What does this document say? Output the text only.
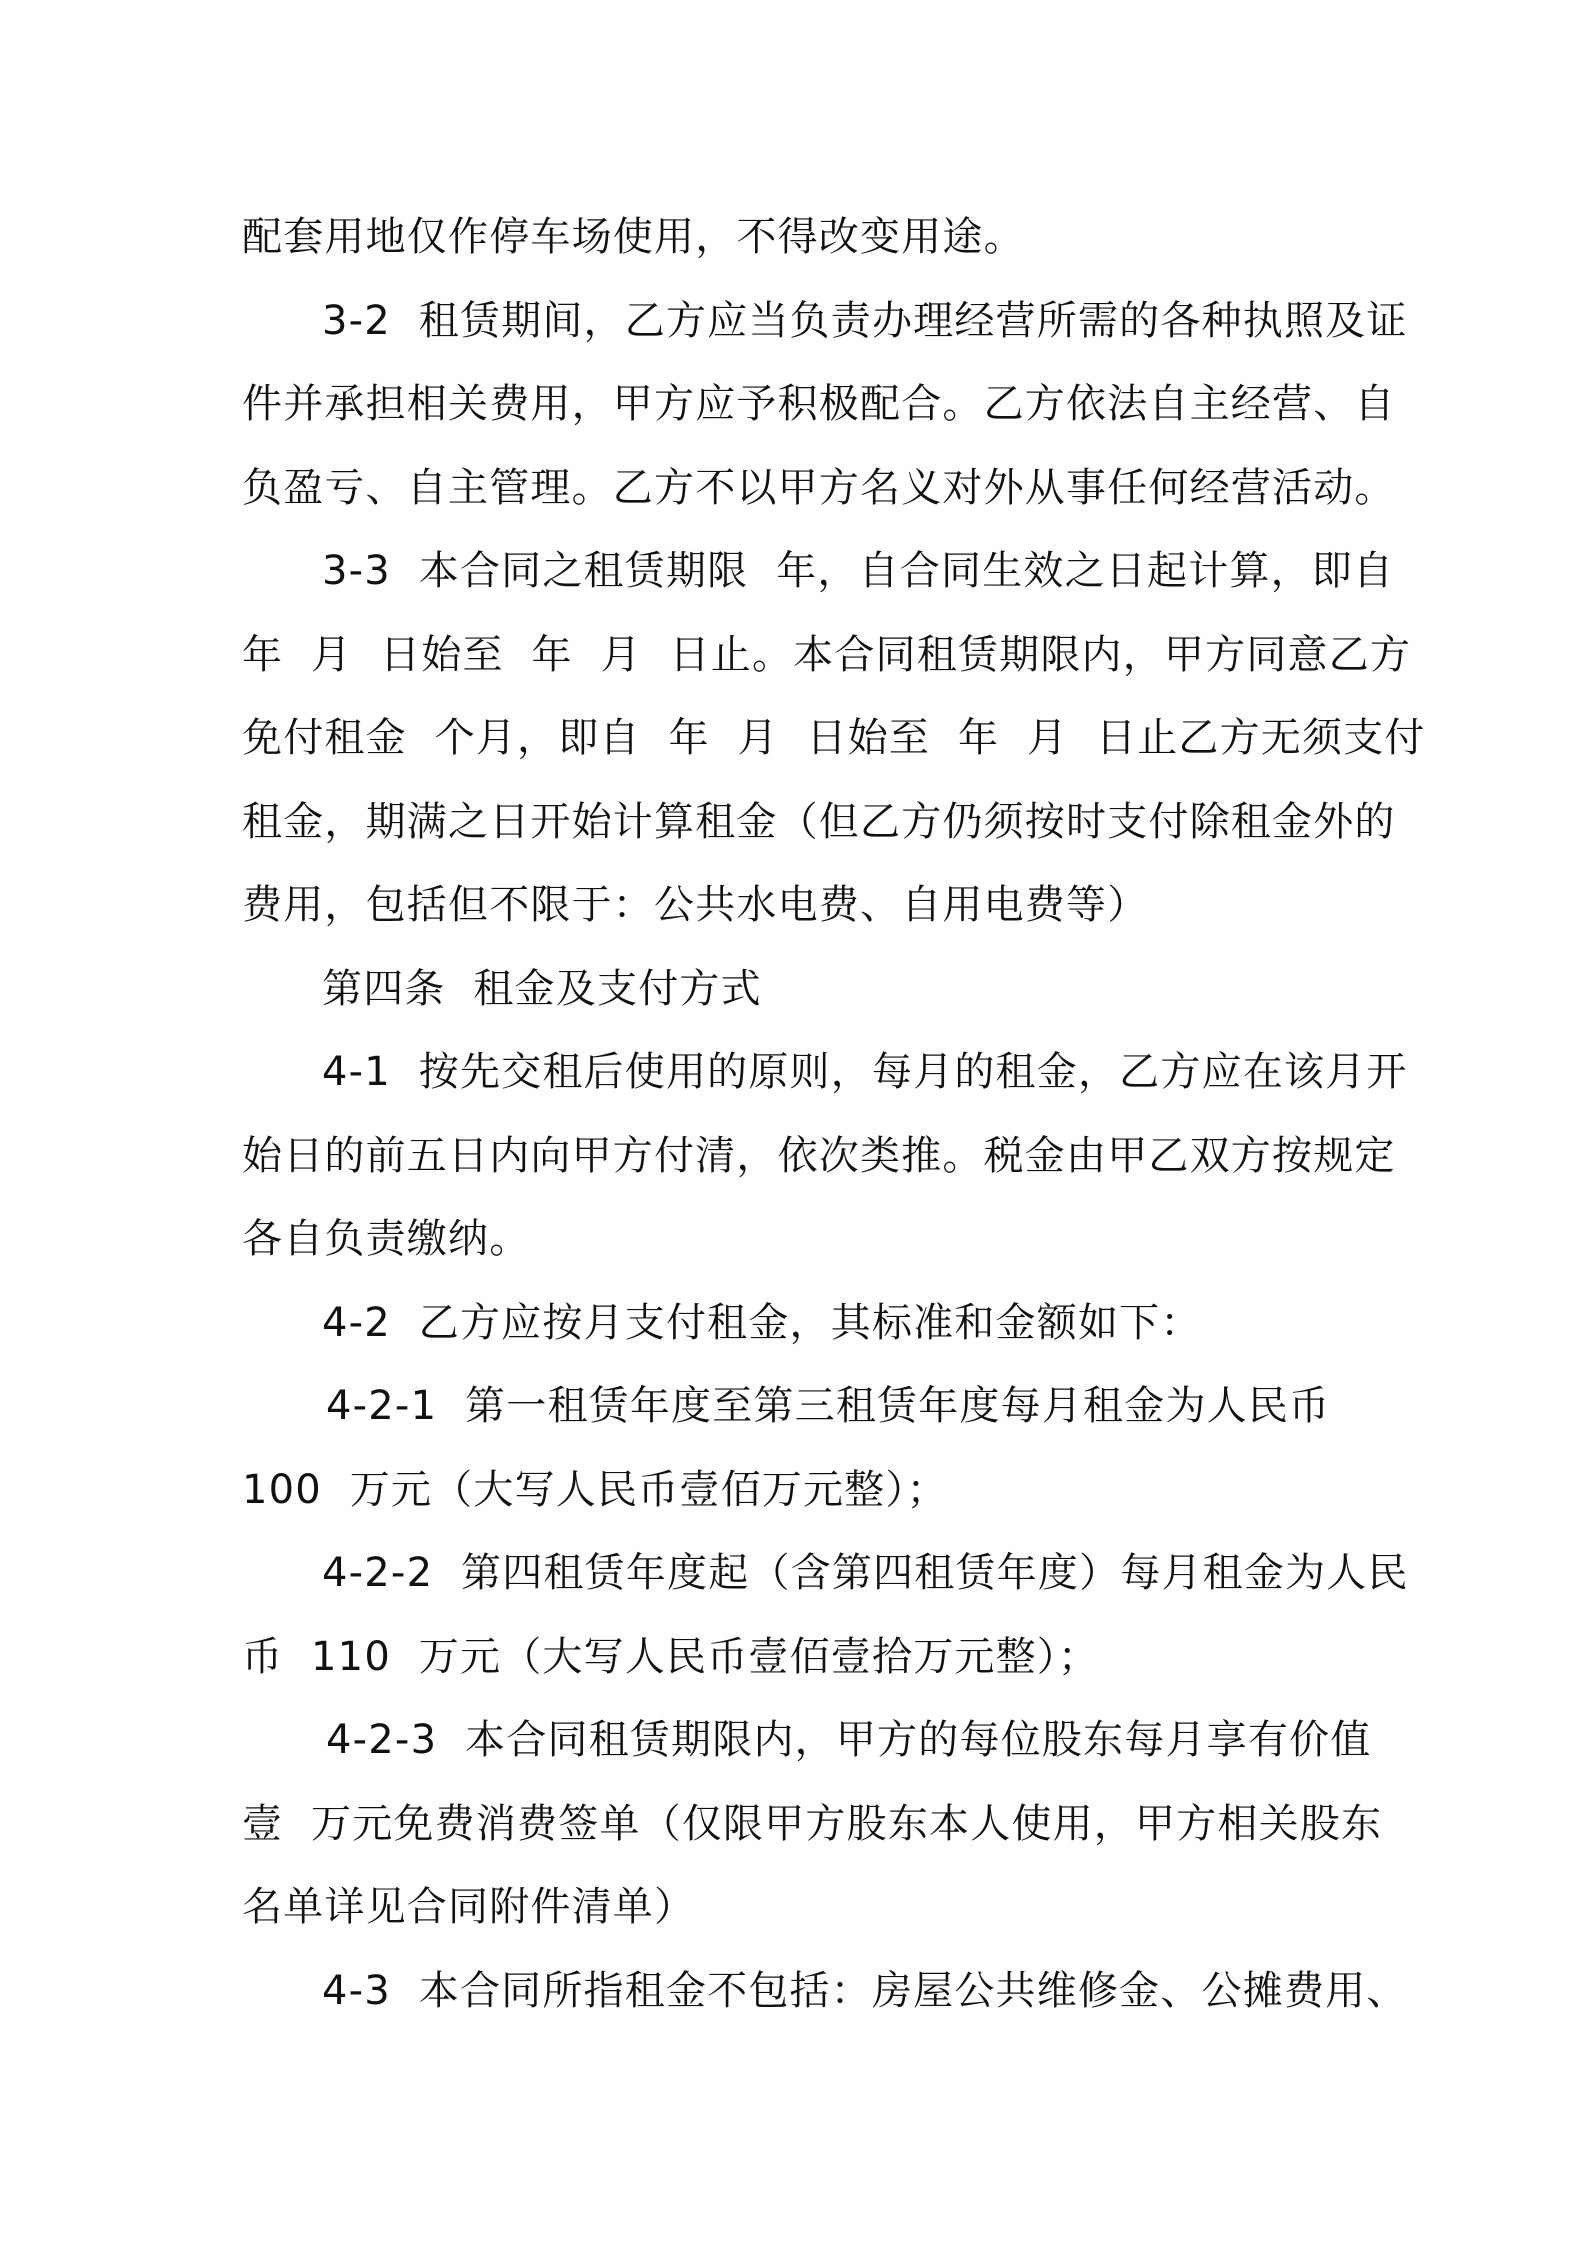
配套用地仅作停车场使用，不得改变用途。
3-2  租赁期间，乙方应当负责办理经营所需的各种执照及证
件并承担相关费用，甲方应予积极配合。乙方依法自主经营、自
负盈亏、自主管理。乙方不以甲方名义对外从事任何经营活动。
3-3  本合同之租赁期限  年，自合同生效之日起计算，即自
年  月  日始至  年  月  日止。本合同租赁期限内，甲方同意乙方
免付租金  个月，即自  年  月  日始至  年  月  日止乙方无须支付
租金，期满之日开始计算租金（但乙方仍须按时支付除租金外的
费用，包括但不限于：公共水电费、自用电费等）
第四条  租金及支付方式
4-1  按先交租后使用的原则，每月的租金，乙方应在该月开
始日的前五日内向甲方付清，依次类推。税金由甲乙双方按规定
各自负责缴纳。
4-2  乙方应按月支付租金，其标准和金额如下：
4-2-1  第一租赁年度至第三租赁年度每月租金为人民币
100  万元（大写人民币壹佰万元整）；
4-2-2  第四租赁年度起（含第四租赁年度）每月租金为人民
币  110  万元（大写人民币壹佰壹拾万元整）；
4-2-3  本合同租赁期限内，甲方的每位股东每月享有价值
壹  万元免费消费签单（仅限甲方股东本人使用，甲方相关股东
名单详见合同附件清单）
4-3  本合同所指租金不包括：房屋公共维修金、公摊费用、
